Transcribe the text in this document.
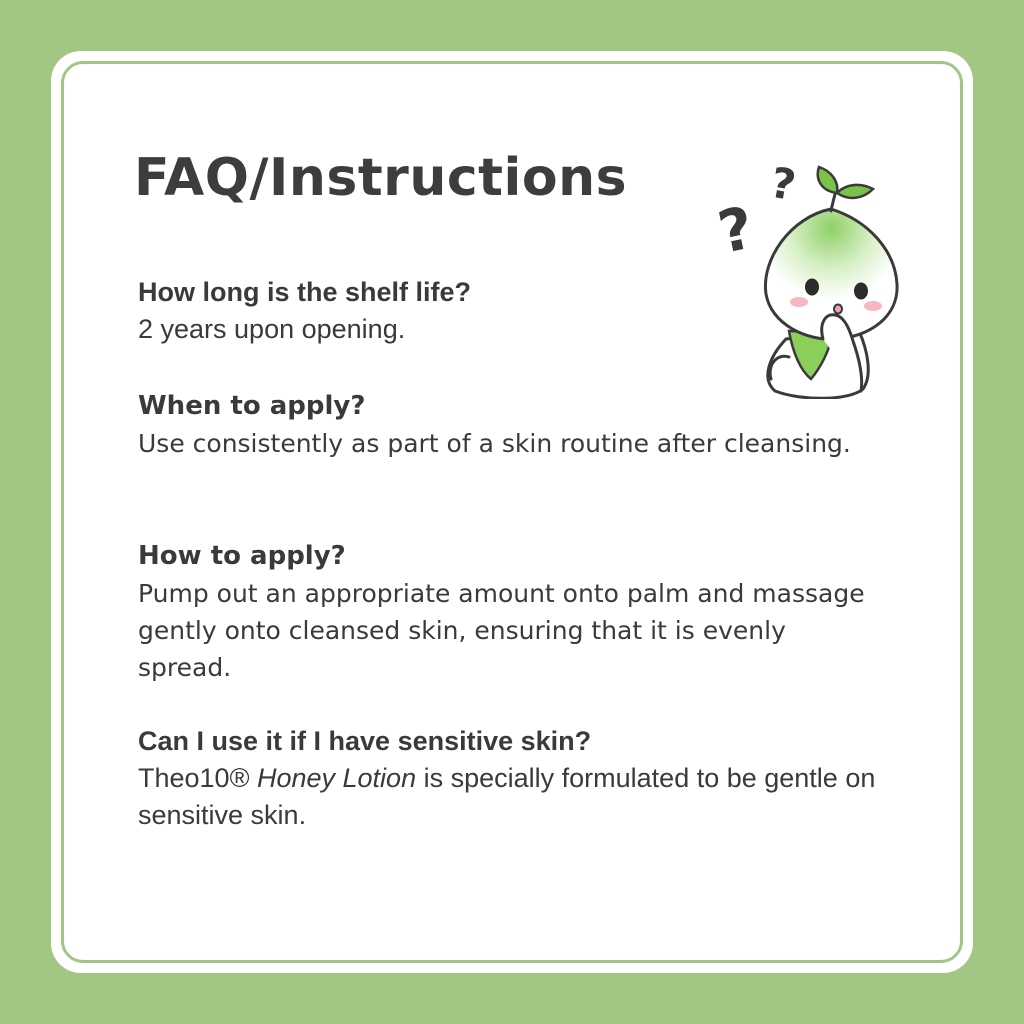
FAQ/Instructions

How long is the shelf life?

2 years upon opening.

When to apply?

Use consistently as part of a skin routine after cleansing.

How to apply?

Pump out an appropriate amount onto palm and massage gently onto cleansed skin, ensuring that it is evenly spread.

Can I use it if I have sensitive skin?

Theo10® Honey Lotion is specially formulated to be gentle on sensitive skin.

?
?
